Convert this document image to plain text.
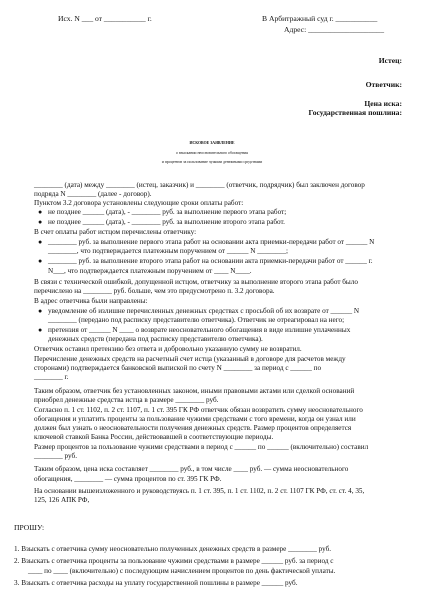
Исх. N ___ от ___________ г.	В Арбитражный суд г. ___________
Адрес: ____________________
Истец:
Ответчик:
Цена иска:
Государственная пошлина:
ИСКОВОЕ ЗАЯВЛЕНИЕ
о взыскании неосновательного обогащения
и процентов за пользование чужими денежными средствами
________ (дата) между ________ (истец, заказчик) и ________ (ответчик, подрядчик) был заключен договор
подряда N ________ (далее - договор).
Пунктом 3.2 договора установлены следующие сроки оплаты работ:
● не позднее ______ (дата), - ________ руб. за выполнение первого этапа работ;
● не позднее ______ (дата), - ________ руб. за выполнение второго этапа работ.
В счет оплаты работ истцом перечислены ответчику:
● ________ руб. за выполнение первого этапа работ на основании акта приемки-передачи работ от ______ N
________, что подтверждается платежным поручением от ______ N ________;
● ________ руб. за выполнение второго этапа работ на основании акта приемки-передачи работ от ______ г.
N___, что подтверждается платежным поручением от ____ N____.
В связи с технической ошибкой, допущенной истцом, ответчику за выполнение второго этапа работ было
перечислено на ________ руб. больше, чем это предусмотрено п. 3.2 договора.
В адрес ответчика были направлены:
● уведомление об излишне перечисленных денежных средствах с просьбой об их возврате от ______ N
________ (передано под расписку представителю ответчика). Ответчик не отреагировал на него;
● претензия от ______ N ____ о возврате неосновательного обогащения в виде излишне уплаченных
денежных средств (передана под расписку представителю ответчика).
Ответчик оставил претензию без ответа и добровольно указанную сумму не возвратил.
Перечисление денежных средств на расчетный счет истца (указанный в договоре для расчетов между
сторонами) подтверждается банковской выпиской по счету N ________ за период с ______ по
________ г.
Таким образом, ответчик без установленных законом, иными правовыми актами или сделкой оснований
приобрел денежные средства истца в размере ________ руб.
Согласно п. 1 ст. 1102, п. 2 ст. 1107, п. 1 ст. 395 ГК РФ ответчик обязан возвратить сумму неосновательного
обогащения и уплатить проценты за пользование чужими средствами с того времени, когда он узнал или
должен был узнать о неосновательности получения денежных средств. Размер процентов определяется
ключевой ставкой Банка России, действовавшей в соответствующие периоды.
Размер процентов за пользование чужими средствами в период с ______ по ______ (включительно) составил
________ руб.
Таким образом, цена иска составляет ________ руб., в том числе ____ руб. — сумма неосновательного
обогащения, ________ — сумма процентов по ст. 395 ГК РФ.
На основании вышеизложенного и руководствуясь п. 1 ст. 395, п. 1 ст. 1102, п. 2 ст. 1107 ГК РФ, ст. ст. 4, 35,
125, 126 АПК РФ,
ПРОШУ:
1. Взыскать с ответчика сумму неосновательно полученных денежных средств в размере ________ руб.
2. Взыскать с ответчика проценты за пользование чужими средствами в размере ______ руб. за период с
____ по ____ (включительно) с последующим начислением процентов по день фактической уплаты.
3. Взыскать с ответчика расходы на уплату государственной пошлины в размере ______ руб.
